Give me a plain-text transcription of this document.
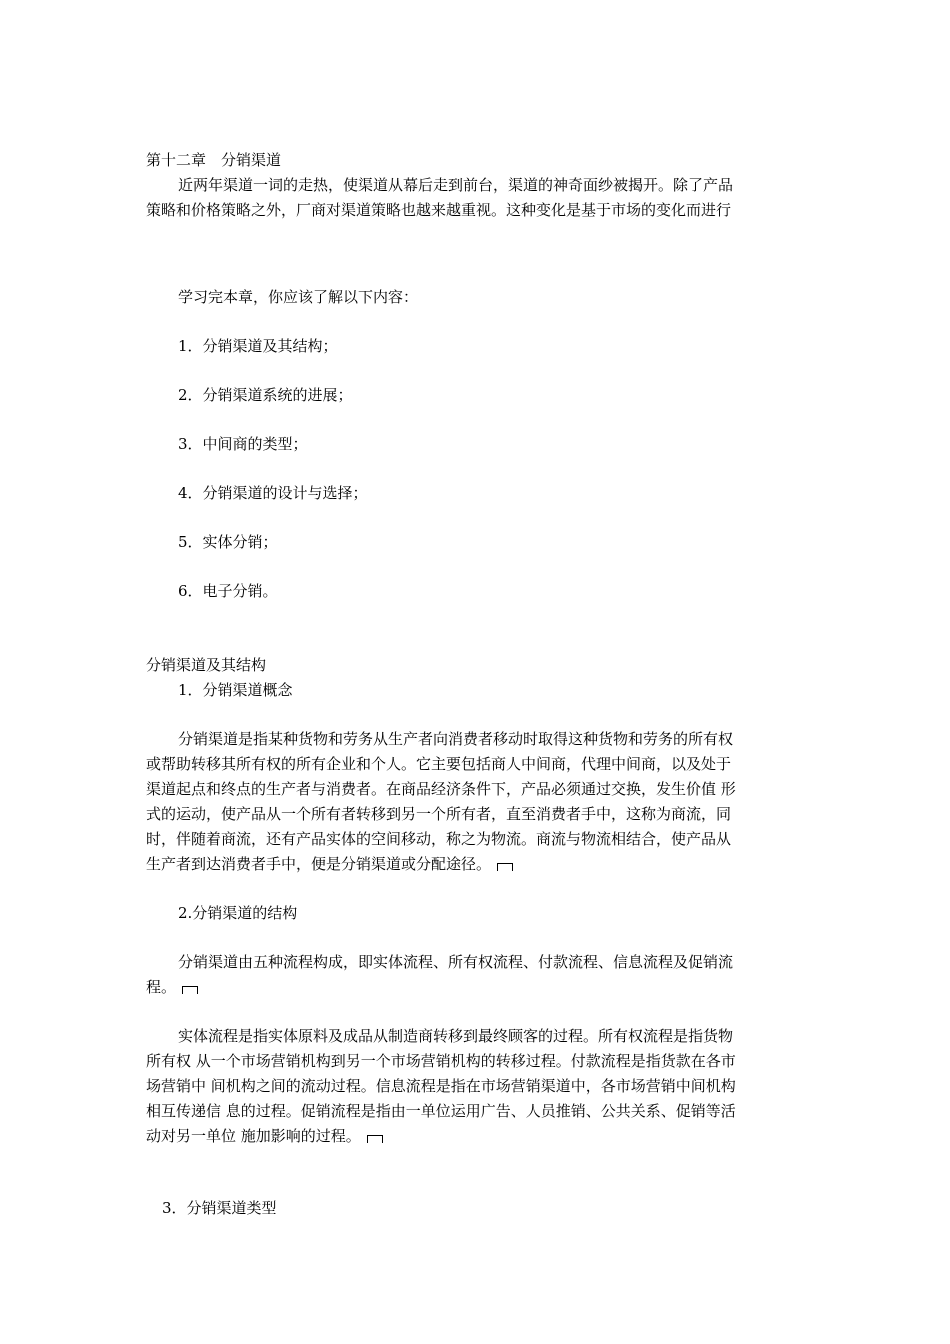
第十二章　分销渠道
近两年渠道一词的走热，使渠道从幕后走到前台，渠道的神奇面纱被揭开。除了产品
策略和价格策略之外，厂商对渠道策略也越来越重视。这种变化是基于市场的变化而进行
学习完本章，你应该了解以下内容：
1．分销渠道及其结构；
2．分销渠道系统的进展；
3．中间商的类型；
4．分销渠道的设计与选择；
5．实体分销；
6．电子分销。
分销渠道及其结构
1．分销渠道概念
分销渠道是指某种货物和劳务从生产者向消费者移动时取得这种货物和劳务的所有权
或帮助转移其所有权的所有企业和个人。它主要包括商人中间商，代理中间商，以及处于
渠道起点和终点的生产者与消费者。在商品经济条件下，产品必须通过交换，发生价值 形
式的运动，使产品从一个所有者转移到另一个所有者，直至消费者手中，这称为商流，同
时，伴随着商流，还有产品实体的空间移动，称之为物流。商流与物流相结合，使产品从
生产者到达消费者手中，便是分销渠道或分配途径。
2.分销渠道的结构
分销渠道由五种流程构成，即实体流程、所有权流程、付款流程、信息流程及促销流
程。
实体流程是指实体原料及成品从制造商转移到最终顾客的过程。所有权流程是指货物
所有权 从一个市场营销机构到另一个市场营销机构的转移过程。付款流程是指货款在各市
场营销中 间机构之间的流动过程。信息流程是指在市场营销渠道中，各市场营销中间机构
相互传递信 息的过程。促销流程是指由一单位运用广告、人员推销、公共关系、促销等活
动对另一单位 施加影响的过程。
3．分销渠道类型
